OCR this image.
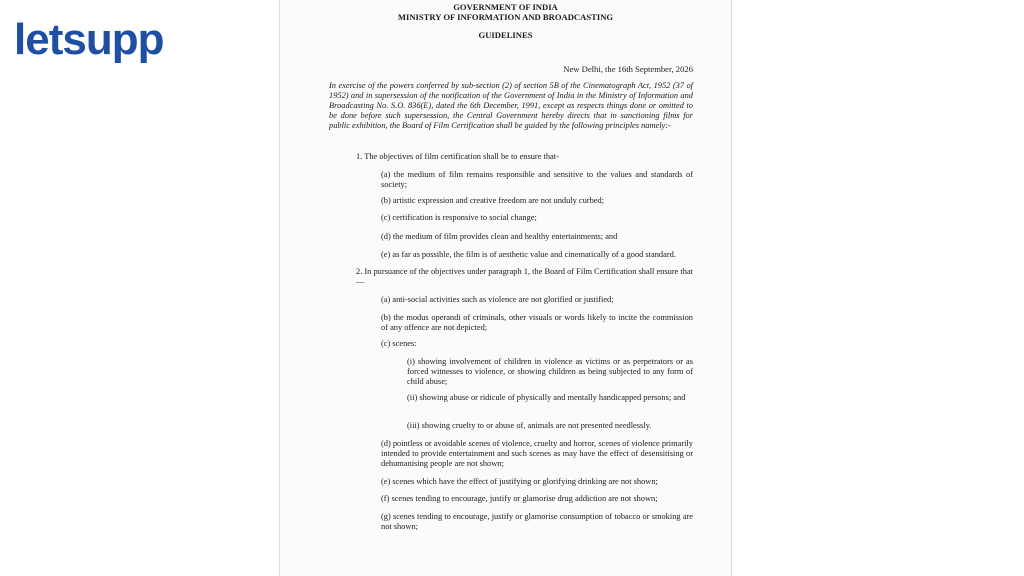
letsupp
GOVERNMENT OF INDIA
MINISTRY OF INFORMATION AND BROADCASTING
GUIDELINES
New Delhi, the 16th September, 2026
In exercise of the powers conferred by sub-section (2) of section 5B of the Cinematograph Act, 1952 (37 of 1952) and in supersession of the notification of the Government of India in the Ministry of Information and Broadcasting No. S.O. 836(E), dated the 6th December, 1991, except as respects things done or omitted to be done before such supersession, the Central Government hereby directs that in sanctioning films for public exhibition, the Board of Film Certification shall be guided by the following principles namely:-
1. The objectives of film certification shall be to ensure that-
(a) the medium of film remains responsible and sensitive to the values and standards of society;
(b) artistic expression and creative freedom are not unduly curbed;
(c) certification is responsive to social change;
(d) the medium of film provides clean and healthy entertainments; and
(e) as far as possible, the film is of aesthetic value and cinematically of a good standard.
2. In pursuance of the objectives under paragraph 1, the Board of Film Certification shall ensure that—
(a) anti-social activities such as violence are not glorified or justified;
(b) the modus operandi of criminals, other visuals or words likely to incite the commission of any offence are not depicted;
(c) scenes:
(i) showing involvement of children in violence as victims or as perpetrators or as forced witnesses to violence, or showing children as being subjected to any form of child abuse;
(ii) showing abuse or ridicule of physically and mentally handicapped persons; and
(iii) showing cruelty to or abuse of, animals are not presented needlessly.
(d) pointless or avoidable scenes of violence, cruelty and horror, scenes of violence primarily intended to provide entertainment and such scenes as may have the effect of desensitising or dehumanising people are not shown;
(e) scenes which have the effect of justifying or glorifying drinking are not shown;
(f) scenes tending to encourage, justify or glamorise drug addiction are not shown;
(g) scenes tending to encourage, justify or glamorise consumption of tobacco or smoking are not shown;
